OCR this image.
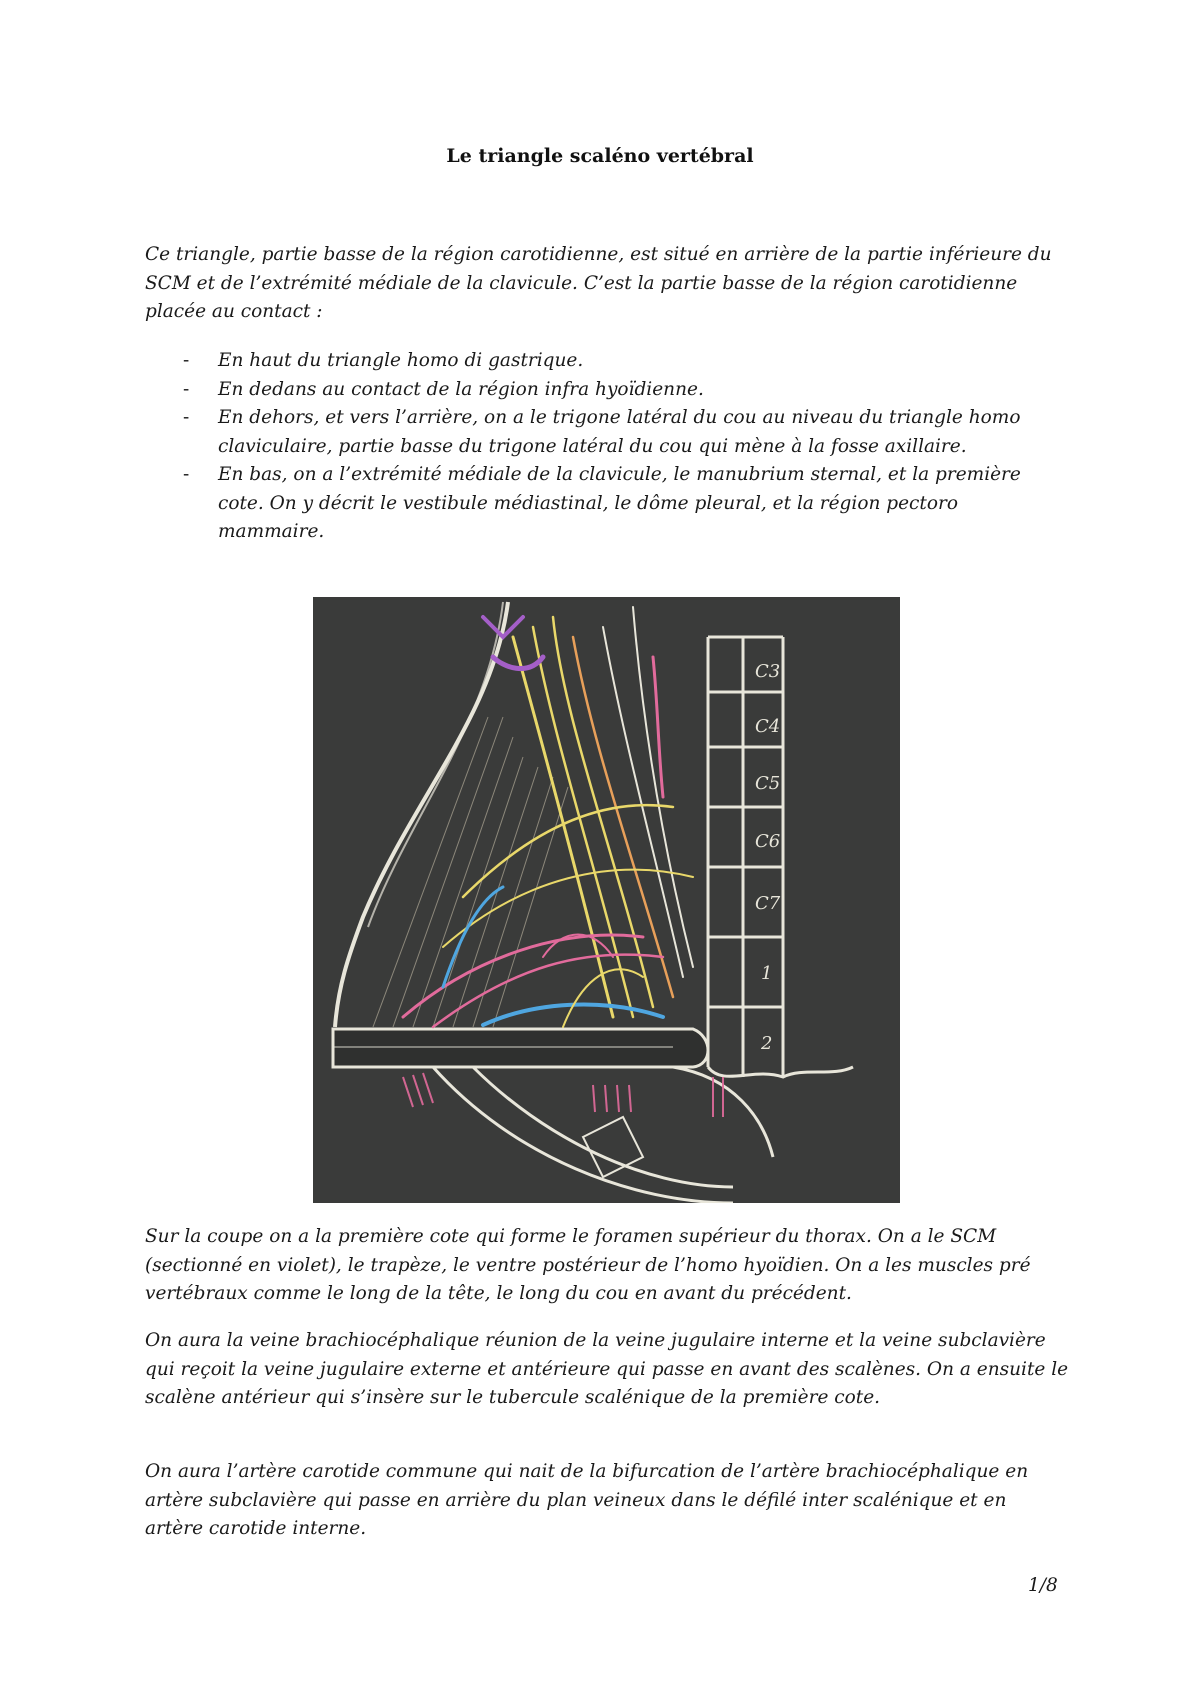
Le triangle scaléno vertébral

Ce triangle, partie basse de la région carotidienne, est situé en arrière de la partie inférieure du SCM et de l’extrémité médiale de la clavicule. C’est la partie basse de la région carotidienne placée au contact :

- En haut du triangle homo di gastrique.
- En dedans au contact de la région infra hyoïdienne.
- En dehors, et vers l’arrière, on a le trigone latéral du cou au niveau du triangle homo claviculaire, partie basse du trigone latéral du cou qui mène à la fosse axillaire.
- En bas, on a l’extrémité médiale de la clavicule, le manubrium sternal, et la première cote. On y décrit le vestibule médiastinal, le dôme pleural, et la région pectoro mammaire.
C3
C4
C5
C6
C7
1
2

Sur la coupe on a la première cote qui forme le foramen supérieur du thorax. On a le SCM (sectionné en violet), le trapèze, le ventre postérieur de l’homo hyoïdien. On a les muscles pré vertébraux comme le long de la tête, le long du cou en avant du précédent.

On aura la veine brachiocéphalique réunion de la veine jugulaire interne et la veine subclavière qui reçoit la veine jugulaire externe et antérieure qui passe en avant des scalènes. On a ensuite le scalène antérieur qui s’insère sur le tubercule scalénique de la première cote.

On aura l’artère carotide commune qui nait de la bifurcation de l’artère brachiocéphalique en artère subclavière qui passe en arrière du plan veineux dans le défilé inter scalénique et en artère carotide interne.

1/8
